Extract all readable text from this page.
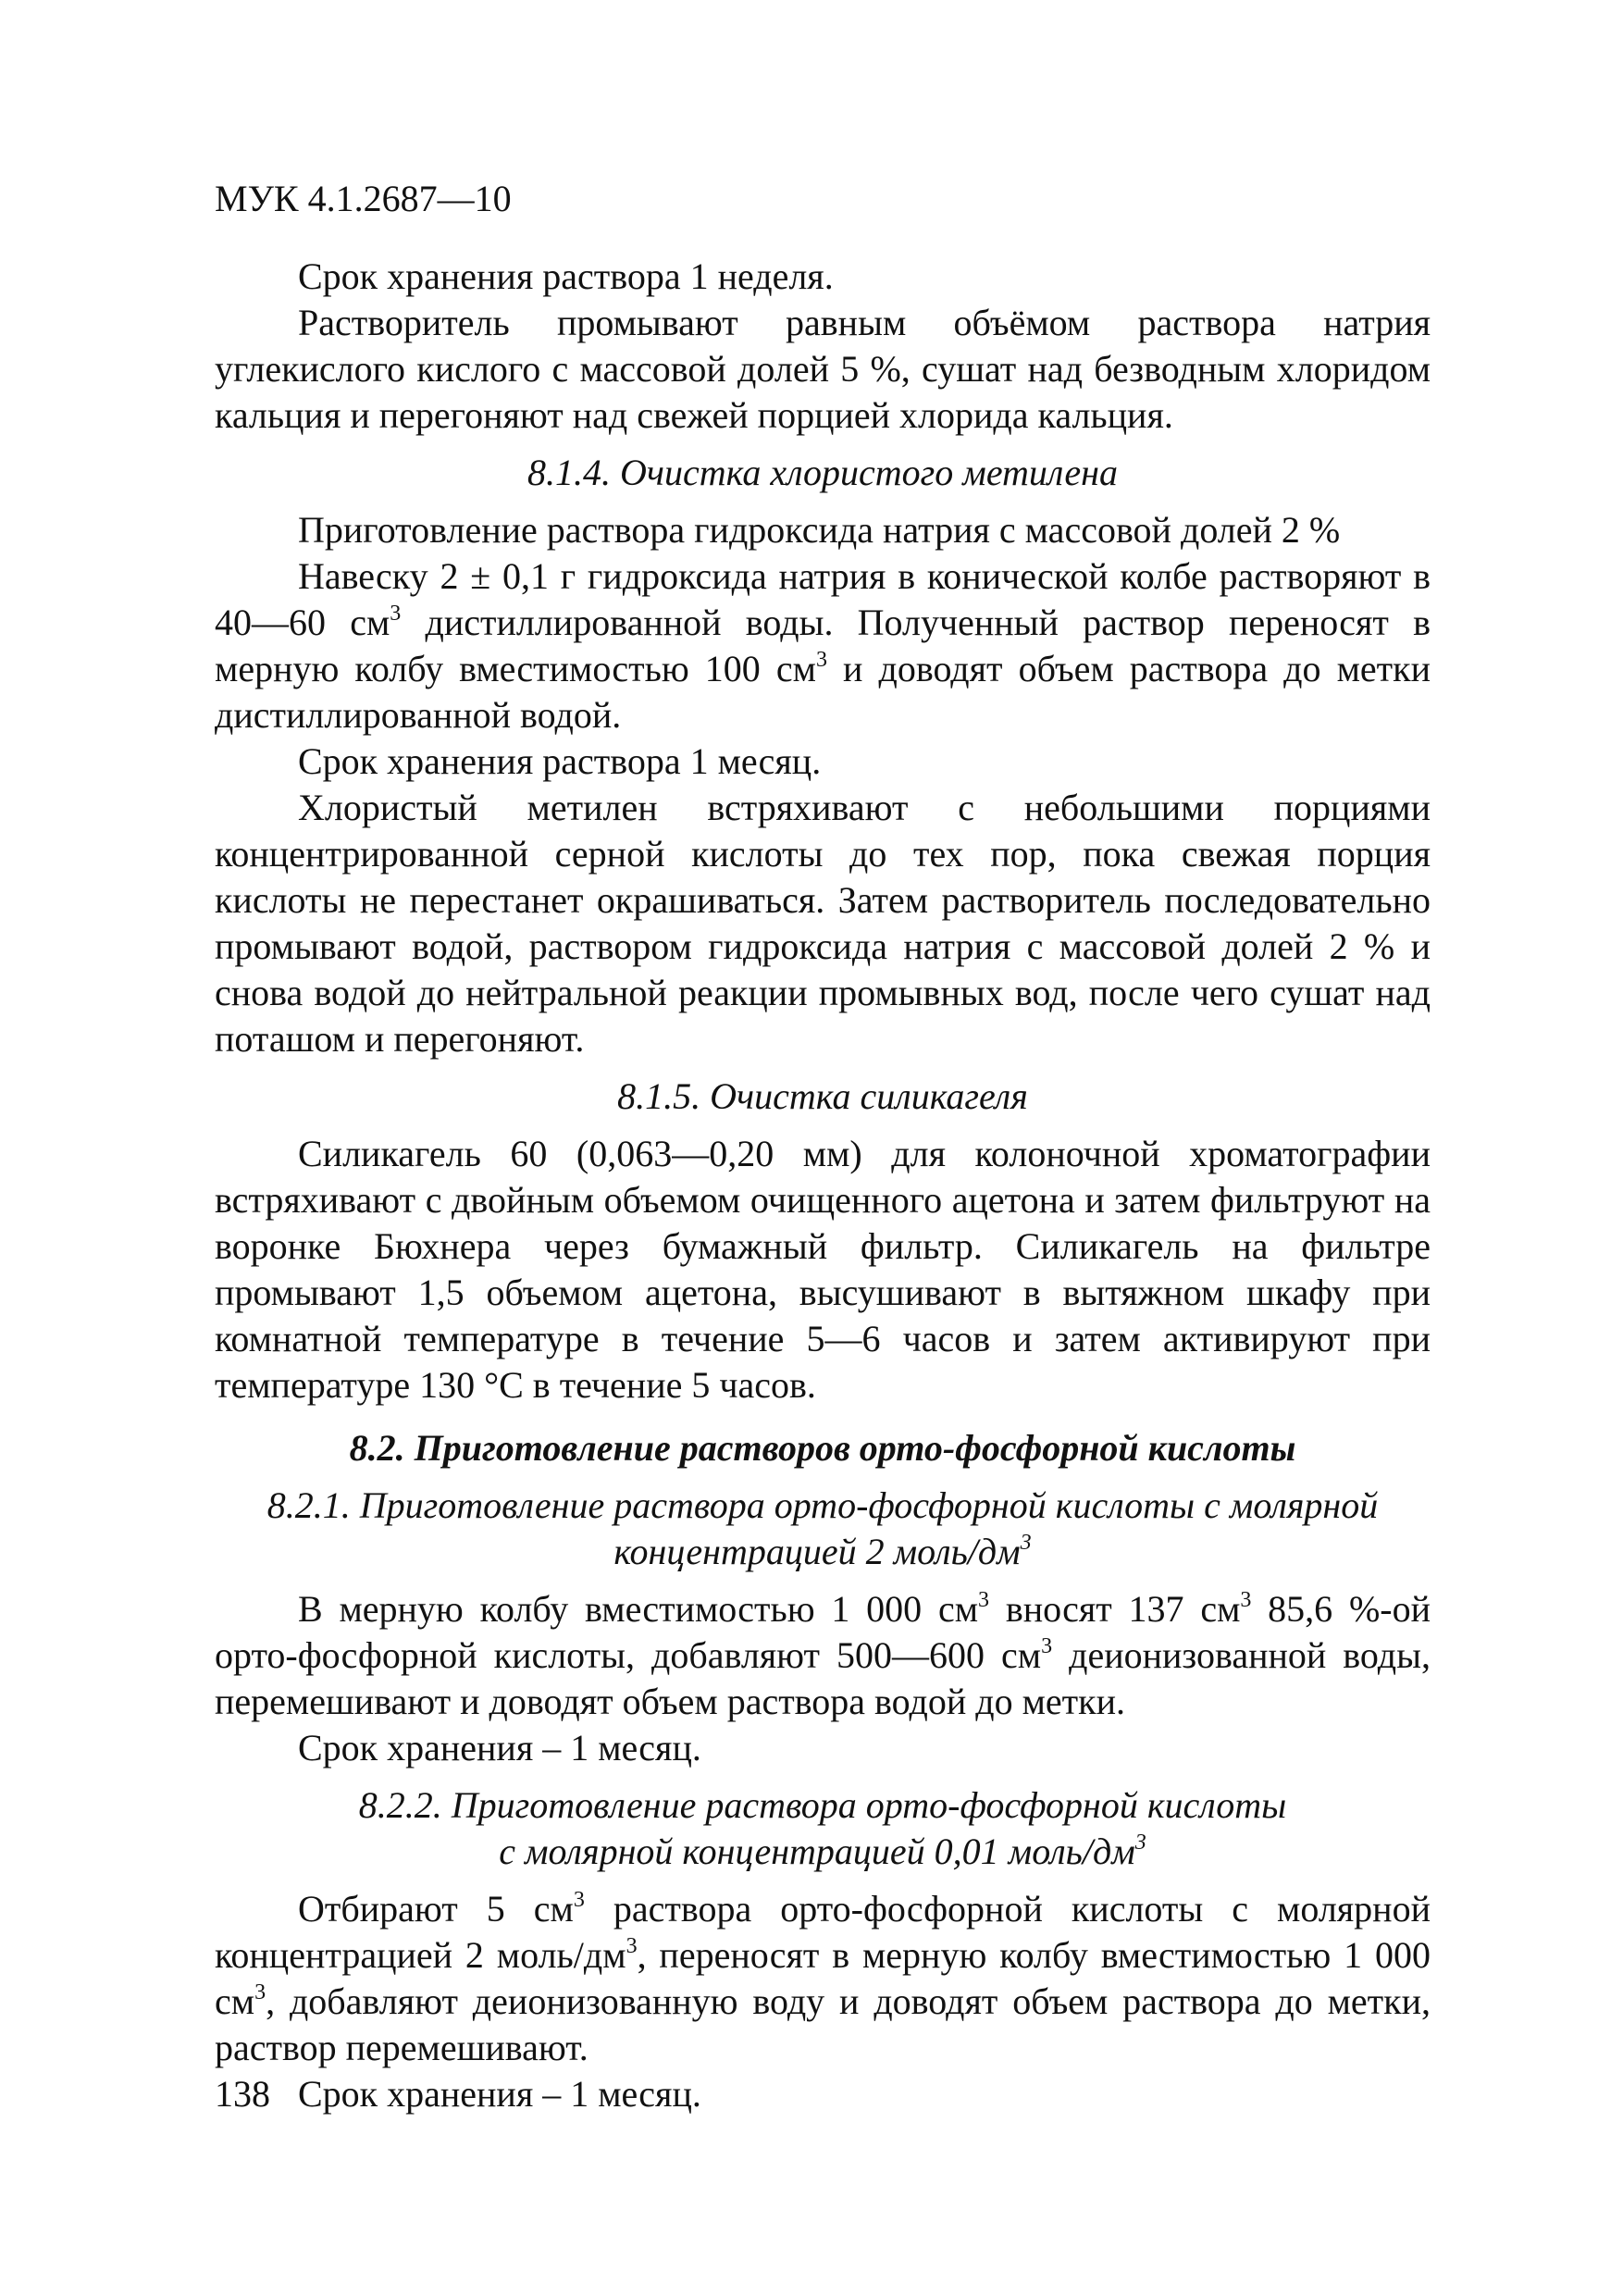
МУК 4.1.2687—10

Срок хранения раствора 1 неделя.

Растворитель промывают равным объёмом раствора натрия углекислого кислого с массовой долей 5 %, сушат над безводным хлоридом кальция и перегоняют над свежей порцией хлорида кальция.

8.1.4. Очистка хлористого метилена

Приготовление раствора гидроксида натрия с массовой долей 2 %

Навеску 2 ± 0,1 г гидроксида натрия в конической колбе растворяют в 40—60 $см^3$ дистиллированной воды. Полученный раствор переносят в мерную колбу вместимостью 100 $см^3$ и доводят объем раствора до метки дистиллированной водой.

Срок хранения раствора 1 месяц.

Хлористый метилен встряхивают с небольшими порциями концентрированной серной кислоты до тех пор, пока свежая порция кислоты не перестанет окрашиваться. Затем растворитель последовательно промывают водой, раствором гидроксида натрия с массовой долей 2 % и снова водой до нейтральной реакции промывных вод, после чего сушат над поташом и перегоняют.

8.1.5. Очистка силикагеля

Силикагель 60 (0,063—0,20 мм) для колоночной хроматографии встряхивают с двойным объемом очищенного ацетона и затем фильтруют на воронке Бюхнера через бумажный фильтр. Силикагель на фильтре промывают 1,5 объемом ацетона, высушивают в вытяжном шкафу при комнатной температуре в течение 5—6 часов и затем активируют при температуре 130 °С в течение 5 часов.

8.2. Приготовление растворов орто-фосфорной кислоты

8.2.1. Приготовление раствора орто-фосфорной кислоты с молярной
концентрацией 2 моль/$дм^3$

В мерную колбу вместимостью 1 000 $см^3$ вносят 137 $см^3$ 85,6 %-ой орто-фосфорной кислоты, добавляют 500—600 $см^3$ деионизованной воды, перемешивают и доводят объем раствора водой до метки.

Срок хранения – 1 месяц.

8.2.2. Приготовление раствора орто-фосфорной кислоты
с молярной концентрацией 0,01 моль/$дм^3$

Отбирают 5 $см^3$ раствора орто-фосфорной кислоты с молярной концентрацией 2 моль/$дм^3$, переносят в мерную колбу вместимостью 1 000 $см^3$, добавляют деионизованную воду и доводят объем раствора до метки, раствор перемешивают.

Срок хранения – 1 месяц.

138
